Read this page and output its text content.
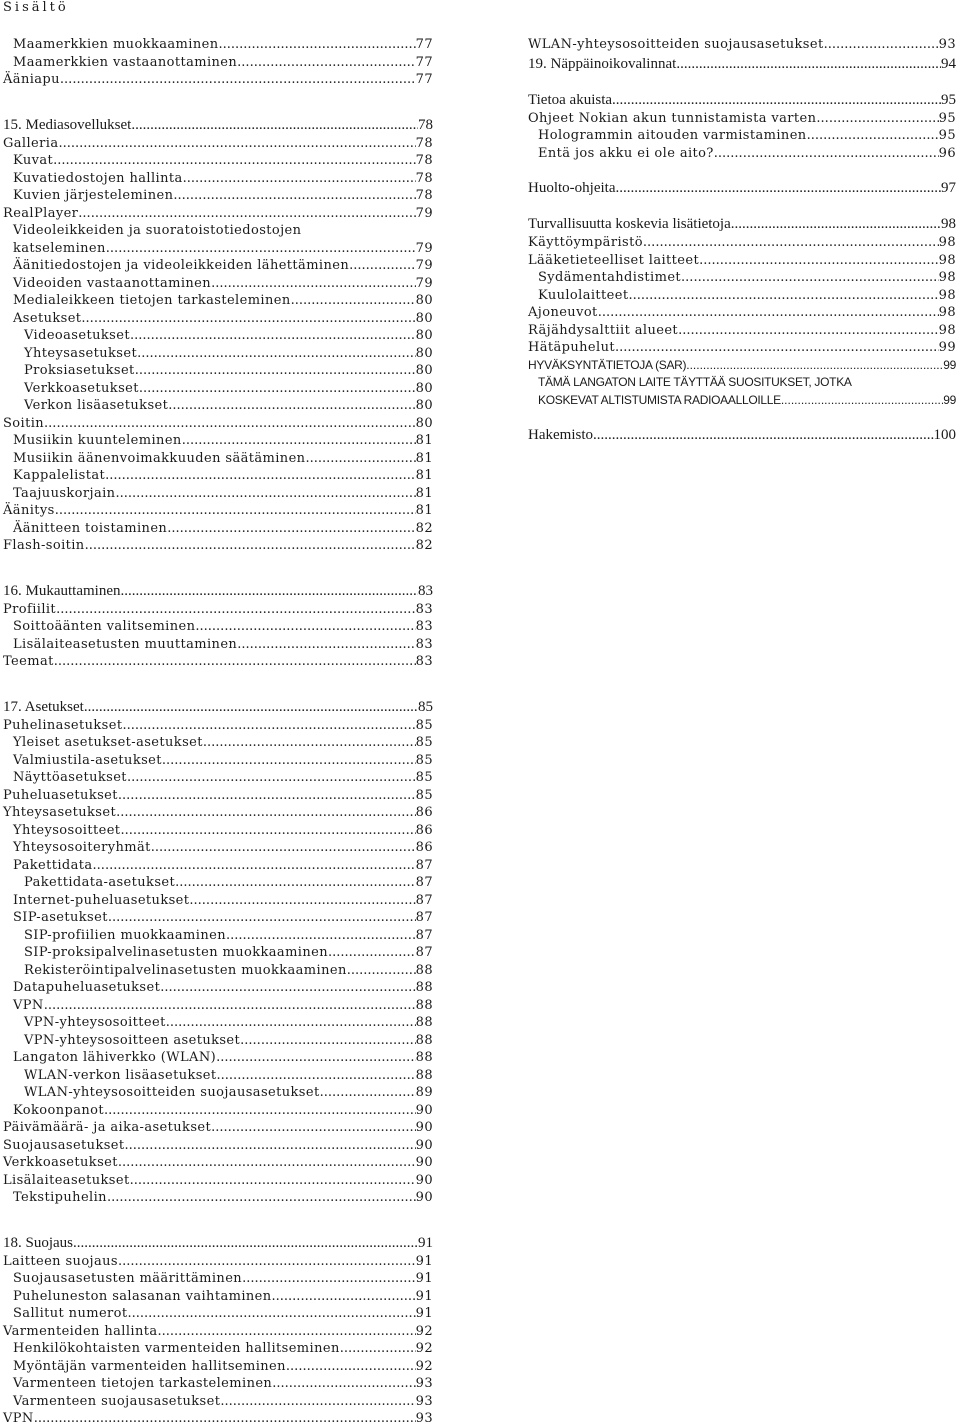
Sisältö
Maamerkkien muokkaaminen .....	77
Maamerkkien vastaanottaminen .....	77
Ääniapu .....	77
15. Mediasovellukset .....	78
Galleria .....	78
Kuvat .....	78
Kuvatiedostojen hallinta .....	78
Kuvien järjesteleminen .....	78
RealPlayer .....	79
Videoleikkeiden ja suoratoistotiedostojen
katseleminen .....	79
Äänitiedostojen ja videoleikkeiden lähettäminen .....	79
Videoiden vastaanottaminen .....	79
Medialeikkeen tietojen tarkasteleminen .....	80
Asetukset .....	80
Videoasetukset .....	80
Yhteysasetukset .....	80
Proksiasetukset .....	80
Verkkoasetukset .....	80
Verkon lisäasetukset .....	80
Soitin .....	80
Musiikin kuunteleminen .....	81
Musiikin äänenvoimakkuuden säätäminen .....	81
Kappalelistat .....	81
Taajuuskorjain .....	81
Äänitys .....	81
Äänitteen toistaminen .....	82
Flash-soitin .....	82
16. Mukauttaminen .....	83
Profiilit .....	83
Soittoäänten valitseminen .....	83
Lisälaiteasetusten muuttaminen .....	83
Teemat .....	83
17. Asetukset .....	85
Puhelinasetukset .....	85
Yleiset asetukset-asetukset .....	85
Valmiustila-asetukset .....	85
Näyttöasetukset .....	85
Puheluasetukset .....	85
Yhteysasetukset .....	86
Yhteysosoitteet .....	86
Yhteysosoiteryhmät .....	86
Pakettidata .....	87
Pakettidata-asetukset .....	87
Internet-puheluasetukset .....	87
SIP-asetukset .....	87
SIP-profiilien muokkaaminen .....	87
SIP-proksipalvelinasetusten muokkaaminen .....	87
Rekisteröintipalvelinasetusten muokkaaminen .....	88
Datapuheluasetukset .....	88
VPN .....	88
VPN-yhteysosoitteet .....	88
VPN-yhteysosoitteen asetukset .....	88
Langaton lähiverkko (WLAN) .....	88
WLAN-verkon lisäasetukset .....	88
WLAN-yhteysosoitteiden suojausasetukset .....	89
Kokoonpanot .....	90
Päivämäärä- ja aika-asetukset .....	90
Suojausasetukset .....	90
Verkkoasetukset .....	90
Lisälaiteasetukset .....	90
Tekstipuhelin .....	90
18. Suojaus .....	91
Laitteen suojaus .....	91
Suojausasetusten määrittäminen .....	91
Puheluneston salasanan vaihtaminen .....	91
Sallitut numerot .....	91
Varmenteiden hallinta .....	92
Henkilökohtaisten varmenteiden hallitseminen .....	92
Myöntäjän varmenteiden hallitseminen .....	92
Varmenteen tietojen tarkasteleminen .....	93
Varmenteen suojausasetukset .....	93
VPN .....	93
WLAN-yhteysosoitteiden suojausasetukset .....	93
19. Näppäinoikovalinnat .....	94
Tietoa akuista .....	95
Ohjeet Nokian akun tunnistamista varten .....	95
Hologrammin aitouden varmistaminen .....	95
Entä jos akku ei ole aito? .....	96
Huolto-ohjeita .....	97
Turvallisuutta koskevia lisätietoja .....	98
Käyttöympäristö .....	98
Lääketieteelliset laitteet .....	98
Sydämentahdistimet .....	98
Kuulolaitteet .....	98
Ajoneuvot .....	98
Räjähdysalttiit alueet .....	98
Hätäpuhelut .....	99
HYVÄKSYNTÄTIETOJA (SAR) .....	99
TÄMÄ LANGATON LAITE TÄYTTÄÄ SUOSITUKSET, JOTKA
KOSKEVAT ALTISTUMISTA RADIOAALLOILLE .....	99
Hakemisto .....	100
